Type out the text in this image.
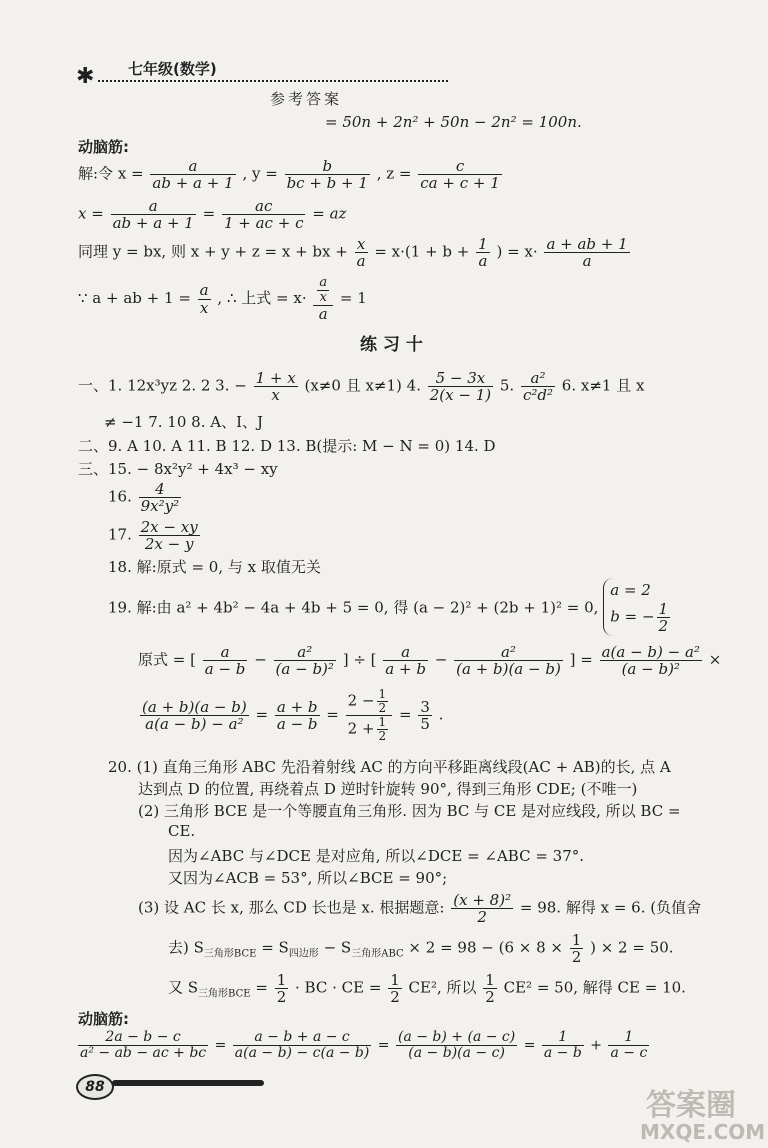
✱ 七年级(数学)
参考答案
= 50n + 2n² + 50n − 2n² = 100n.
动脑筋:
解:令 $x = \frac{a}{ab + a + 1}$ , $y = \frac{b}{bc + b + 1}$ , $z = \frac{c}{ca + c + 1}$
$x = \frac{a}{ab + a + 1} = \frac{ac}{1 + ac + c}$ = az
同理 y = bx, 则 x + y + z = x + bx + $\frac{x}{a} = x\cdot(1 + b + \frac{1}{a}$ ) = $x\cdot \frac{a + ab + 1}{a}$
∵ a + ab + $1 = \frac{a}{x}$ , ∴ 上式 = $x\cdot \frac{\frac{a}{x}}{a} = 1$
练 习 十
一、1. 12x³yz 2. 2 3. − $\frac{1 + x}{x} (x\ne 0$ 且 x≠1) 4. $\frac{5 - 3x}{2(x - 1)} 5$. $\frac{\text{a²}}{\text{c²d²}} 6$. x≠1 且 x
≠ −1 7. 10 8. A、I、J
二、9. A 10. A 11. B 12. D 13. B(提示: M − N = 0) 14. D
三、15. − 8x²y² + 4x³ − xy
16. $\frac{4}{\text{9x²y²}}$
17. $\frac{2x - xy}{2x - y}$
18. 解:原式 = 0, 与 x 取值无关
19. 解:由 a² + 4b² − 4a + 4b + 5 = 0, 得 (a − 2)² + (2b + 1)² = 0,
a = 2
b = − $\frac{1}{2}$
原式 = [ $\frac{a}{a - b} - \frac{\text{a²}}{\text{(a − b)²}}$ ] ÷ [ $\frac{a}{a + b} - \frac{\text{a²}}{(a + b)(a - b)}$ ] = $\frac{\text{a(a − b) − a²}}{\text{(a − b)²}}$ ×
$\frac{(a + b)(a - b)}{\text{a(a − b) − a²}} = \frac{a + b}{a - b} = \frac{2 - \frac{1}{2}}{2 + \frac{1}{2}} = \frac{3}{5}$ .
20. (1) 直角三角形 ABC 先沿着射线 AC 的方向平移距离线段(AC + AB)的长, 点 A
达到点 D 的位置, 再绕着点 D 逆时针旋转 90°, 得到三角形 CDE; (不唯一)
(2) 三角形 BCE 是一个等腰直角三角形. 因为 BC 与 CE 是对应线段, 所以 BC =
CE.
因为∠ABC 与∠DCE 是对应角, 所以∠DCE = ∠ABC = 37°.
又因为∠ACB = 53°, 所以∠BCE = 90°;
(3) 设 AC 长 x, 那么 CD 长也是 x. 根据题意: $\frac{\text{(x + 8)²}}{2} = 98$. 解得 x = 6. (负值舍
去) $S_{三角形BCE} = S_{四边形} - S_{三角形ABC} \times 2 = 98 - (6 \times 8 \times \frac{1}{2}$ ) × 2 = 50.
又 $S_{三角形BCE} = \frac{1}{2}$ · BC · CE = $\frac{1}{2} CE^2$, 所以 $\frac{1}{2} CE^2 = 50$, 解得 CE = 10.
动脑筋:
$\frac{2a - b - c}{\text{a² − ab − ac + bc}} = \frac{a - b + a - c}{a(a - b) - c(a - b)} = \frac{(a - b) + (a - c)}{(a - b)(a - c)} = \frac{1}{a - b} + \frac{1}{a - c}$
88
答案圈
MXQE.COM
